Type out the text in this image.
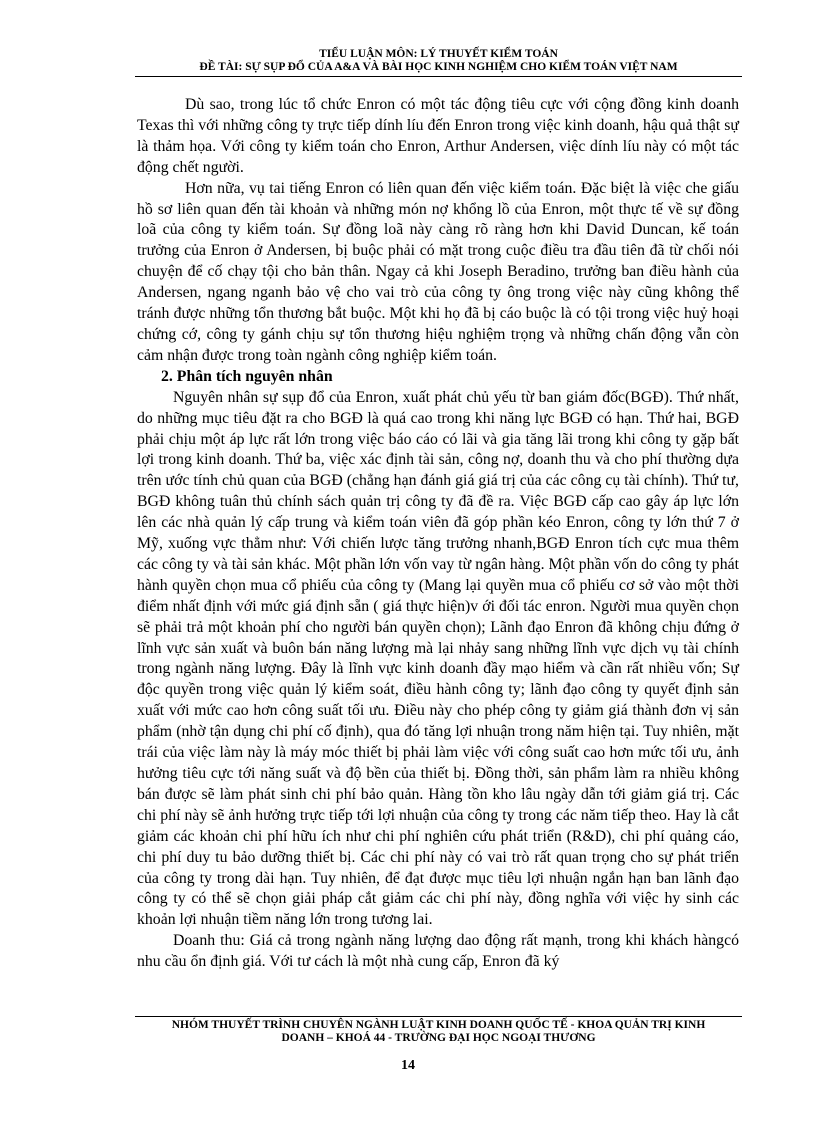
TIỂU LUẬN MÔN: LÝ THUYẾT KIỂM TOÁN
ĐỀ TÀI: SỰ SỤP ĐỔ CỦA A&A VÀ BÀI HỌC KINH NGHIỆM CHO KIỂM TOÁN VIỆT NAM

Dù sao, trong lúc tổ chức Enron có một tác động tiêu cực với cộng đồng kinh doanh Texas thì với những công ty trực tiếp dính líu đến Enron trong việc kinh doanh, hậu quả thật sự là thảm họa. Với công ty kiểm toán cho Enron, Arthur Andersen, việc dính líu này có một tác động chết người.

Hơn nữa, vụ tai tiếng Enron có liên quan đến việc kiểm toán. Đặc biệt là việc che giấu hồ sơ liên quan đến tài khoản và những món nợ khổng lồ của Enron, một thực tế về sự đồng loã của công ty kiểm toán. Sự đồng loã này càng rõ ràng hơn khi David Duncan, kế toán trưởng của Enron ở Andersen, bị buộc phải có mặt trong cuộc điều tra đầu tiên đã từ chối nói chuyện để cố chạy tội cho bản thân. Ngay cả khi Joseph Beradino, trưởng ban điều hành của Andersen, ngang nganh bảo vệ cho vai trò của công ty ông trong việc này cũng không thể tránh được những tổn thương bắt buộc. Một khi họ đã bị cáo buộc là có tội trong việc huỷ hoại chứng cớ, công ty gánh chịu sự tổn thương hiệu nghiệm trọng và những chấn động vẫn còn cảm nhận được trong toàn ngành công nghiệp kiểm toán.

2. Phân tích nguyên nhân

Nguyên nhân sự sụp đổ của Enron, xuất phát chủ yếu từ ban giám đốc(BGĐ). Thứ nhất, do những mục tiêu đặt ra cho BGĐ là quá cao trong khi năng lực BGĐ có hạn. Thứ hai, BGĐ phải chịu một áp lực rất lớn trong việc báo cáo có lãi và gia tăng lãi trong khi công ty gặp bất lợi trong kinh doanh. Thứ ba, việc xác định tài sản, công nợ, doanh thu và cho phí thường dựa trên ước tính chủ quan của BGĐ (chẳng hạn đánh giá giá trị của các công cụ tài chính). Thứ tư, BGĐ không tuân thủ chính sách quản trị công ty đã đề ra. Việc BGĐ cấp cao gây áp lực lớn lên các nhà quản lý cấp trung và kiểm toán viên đã góp phần kéo Enron, công ty lớn thứ 7 ở Mỹ, xuống vực thẳm như: Với chiến lược tăng trưởng nhanh,BGĐ Enron tích cực mua thêm các công ty và tài sản khác. Một phần lớn vốn vay từ ngân hàng. Một phần vốn do công ty phát hành quyền chọn mua cổ phiếu của công ty (Mang lại quyền mua cổ phiếu cơ sở vào một thời điểm nhất định với mức giá định sẵn ( giá thực hiện)v ới đối tác enron. Người mua quyền chọn sẽ phải trả một khoản phí cho người bán quyền chọn); Lãnh đạo Enron đã không chịu đứng ở lĩnh vực sản xuất và buôn bán năng lượng mà lại nhảy sang những lĩnh vực dịch vụ tài chính trong ngành năng lượng. Đây là lĩnh vực kinh doanh đầy mạo hiểm và cần rất nhiều vốn; Sự độc quyền trong việc quản lý kiểm soát, điều hành công ty; lãnh đạo công ty quyết định sản xuất với mức cao hơn công suất tối ưu. Điều này cho phép công ty giảm giá thành đơn vị sản phẩm (nhờ tận dụng chi phí cố định), qua đó tăng lợi nhuận trong năm hiện tại. Tuy nhiên, mặt trái của việc làm này là máy móc thiết bị phải làm việc với công suất cao hơn mức tối ưu, ảnh hưởng tiêu cực tới năng suất và độ bền của thiết bị. Đồng thời, sản phẩm làm ra nhiều không bán được sẽ làm phát sinh chi phí bảo quản. Hàng tồn kho lâu ngày dẫn tới giảm giá trị. Các chi phí này sẽ ảnh hưởng trực tiếp tới lợi nhuận của công ty trong các năm tiếp theo. Hay là cắt giảm các khoản chi phí hữu ích như chi phí nghiên cứu phát triển (R&D), chi phí quảng cáo, chi phí duy tu bảo dưỡng thiết bị. Các chi phí này có vai trò rất quan trọng cho sự phát triển của công ty trong dài hạn. Tuy nhiên, để đạt được mục tiêu lợi nhuận ngắn hạn ban lãnh đạo công ty có thể sẽ chọn giải pháp cắt giảm các chi phí này, đồng nghĩa với việc hy sinh các khoản lợi nhuận tiềm năng lớn trong tương lai.

Doanh thu: Giá cả trong ngành năng lượng dao động rất mạnh, trong khi khách hàngcó nhu cầu ổn định giá. Với tư cách là một nhà cung cấp, Enron đã ký

NHÓM THUYẾT TRÌNH CHUYÊN NGÀNH LUẬT KINH DOANH QUỐC TẾ - KHOA QUẢN TRỊ KINH
DOANH – KHOÁ 44 - TRƯỜNG ĐẠI HỌC NGOẠI THƯƠNG
14
